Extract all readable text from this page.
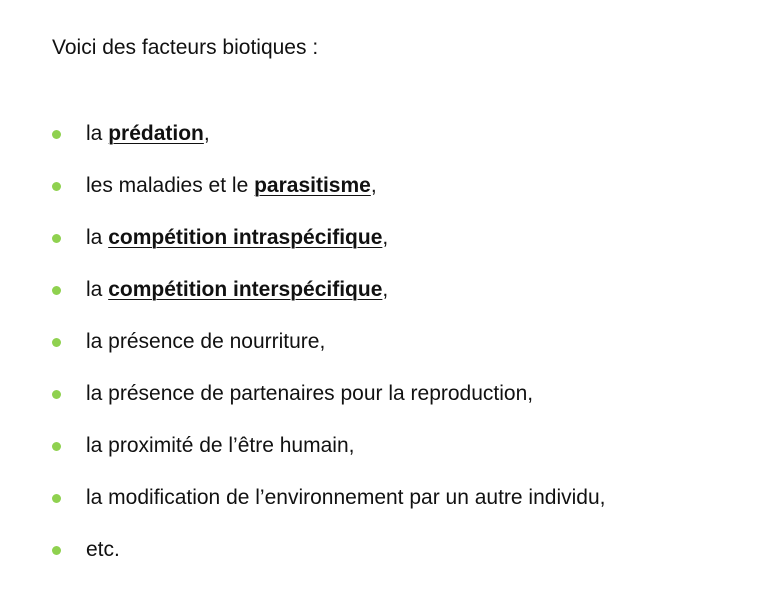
Voici des facteurs biotiques :

la prédation,
les maladies et le parasitisme,
la compétition intraspécifique,
la compétition interspécifique,
la présence de nourriture,
la présence de partenaires pour la reproduction,
la proximité de l’être humain,
la modification de l’environnement par un autre individu,
etc.
